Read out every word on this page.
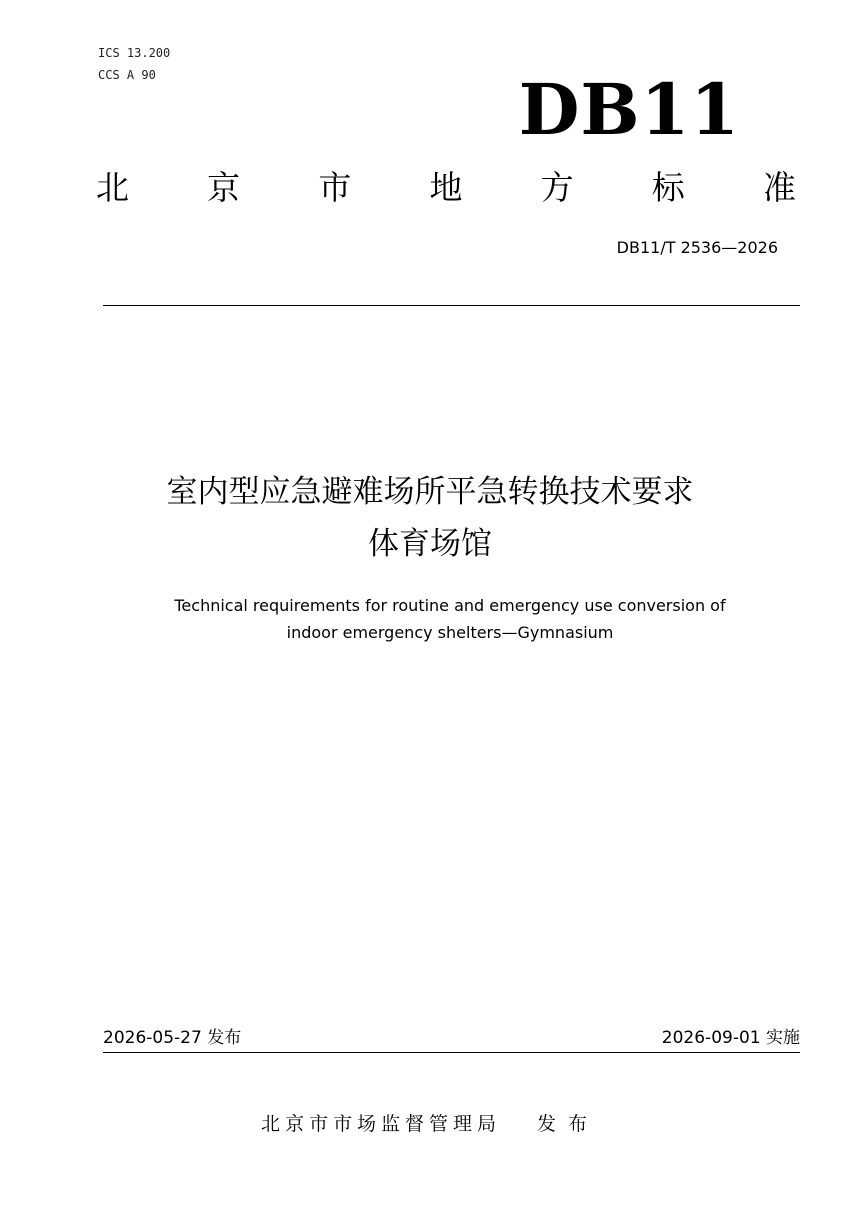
ICS 13.200
CCS A 90	DB11
北 京 市 地 方 标 准
DB11/T 2536—2026
室内型应急避难场所平急转换技术要求
体育场馆
Technical requirements for routine and emergency use conversion of
indoor emergency shelters—Gymnasium
2026-05-27 发布	2026-09-01 实施
北京市市场监督管理局 发布
